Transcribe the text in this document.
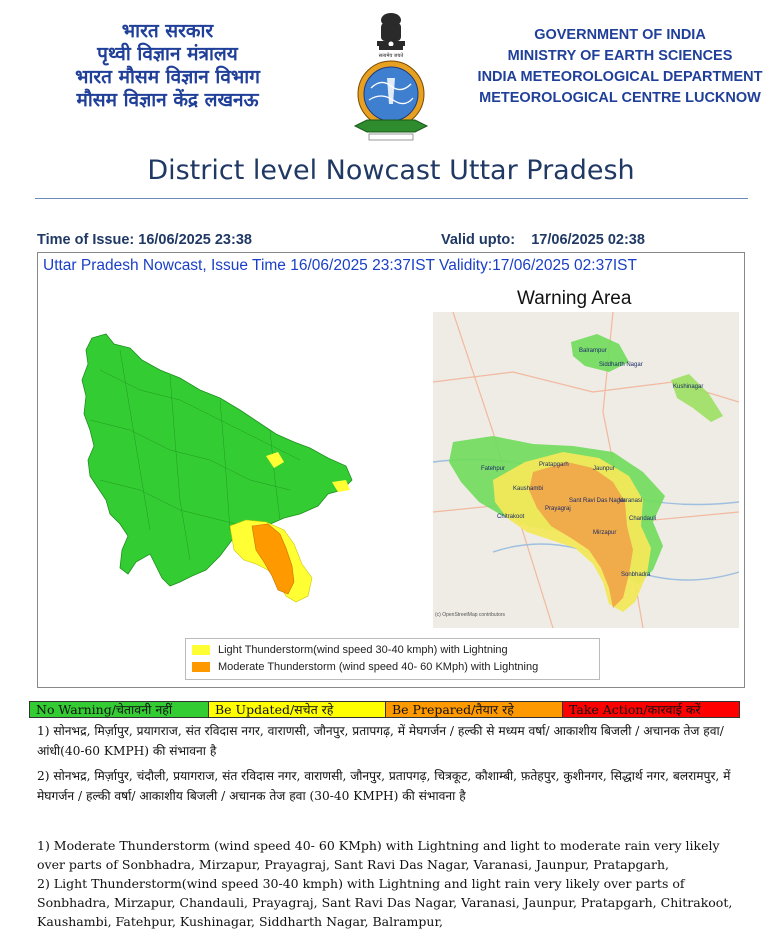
भारत सरकार
पृथ्वी विज्ञान मंत्रालय
भारत मौसम विज्ञान विभाग
मौसम विज्ञान केंद्र लखनऊ
सत्यमेव जयते
GOVERNMENT OF INDIA
MINISTRY OF EARTH SCIENCES
INDIA METEOROLOGICAL DEPARTMENT
METEOROLOGICAL CENTRE LUCKNOW
District level Nowcast Uttar Pradesh
Time of Issue: 16/06/2025 23:38	Valid upto: 17/06/2025 02:38
Uttar Pradesh Nowcast, Issue Time 16/06/2025 23:37IST Validity:17/06/2025 02:37IST
Warning Area
Balrampur
Siddharth Nagar
Kushinagar
Fatehpur
Pratapgarh
Jaunpur
Kaushambi
Sant Ravi Das Nagar
Prayagraj
Varanasi
Chitrakoot	Chandauli
Mirzapur
Sonbhadra
(c) OpenStreetMap contributors
Light Thunderstorm(wind speed 30-40 kmph) with Lightning
Moderate Thunderstorm (wind speed 40- 60 KMph) with Lightning
No Warning/चेतावनी नहीं	Be Updated/सचेत रहे	Be Prepared/तैयार रहे	Take Action/कारवाई करें

1) सोनभद्र, मिर्ज़ापुर, प्रयागराज, संत रविदास नगर, वाराणसी, जौनपुर, प्रतापगढ़, में मेघगर्जन / हल्की से मध्यम वर्षा/ आकाशीय बिजली / अचानक तेज हवा/ आंधी(40-60 KMPH) की संभावना है

2) सोनभद्र, मिर्ज़ापुर, चंदौली, प्रयागराज, संत रविदास नगर, वाराणसी, जौनपुर, प्रतापगढ़, चित्रकूट, कौशाम्बी, फ़तेहपुर, कुशीनगर, सिद्धार्थ नगर, बलरामपुर, में मेघगर्जन / हल्की वर्षा/ आकाशीय बिजली / अचानक तेज हवा (30-40 KMPH) की संभावना है

1) Moderate Thunderstorm (wind speed 40- 60 KMph) with Lightning and light to moderate rain very likely over parts of Sonbhadra, Mirzapur, Prayagraj, Sant Ravi Das Nagar, Varanasi, Jaunpur, Pratapgarh,

2) Light Thunderstorm(wind speed 30-40 kmph) with Lightning and light rain very likely over parts of Sonbhadra, Mirzapur, Chandauli, Prayagraj, Sant Ravi Das Nagar, Varanasi, Jaunpur, Pratapgarh, Chitrakoot, Kaushambi, Fatehpur, Kushinagar, Siddharth Nagar, Balrampur,
